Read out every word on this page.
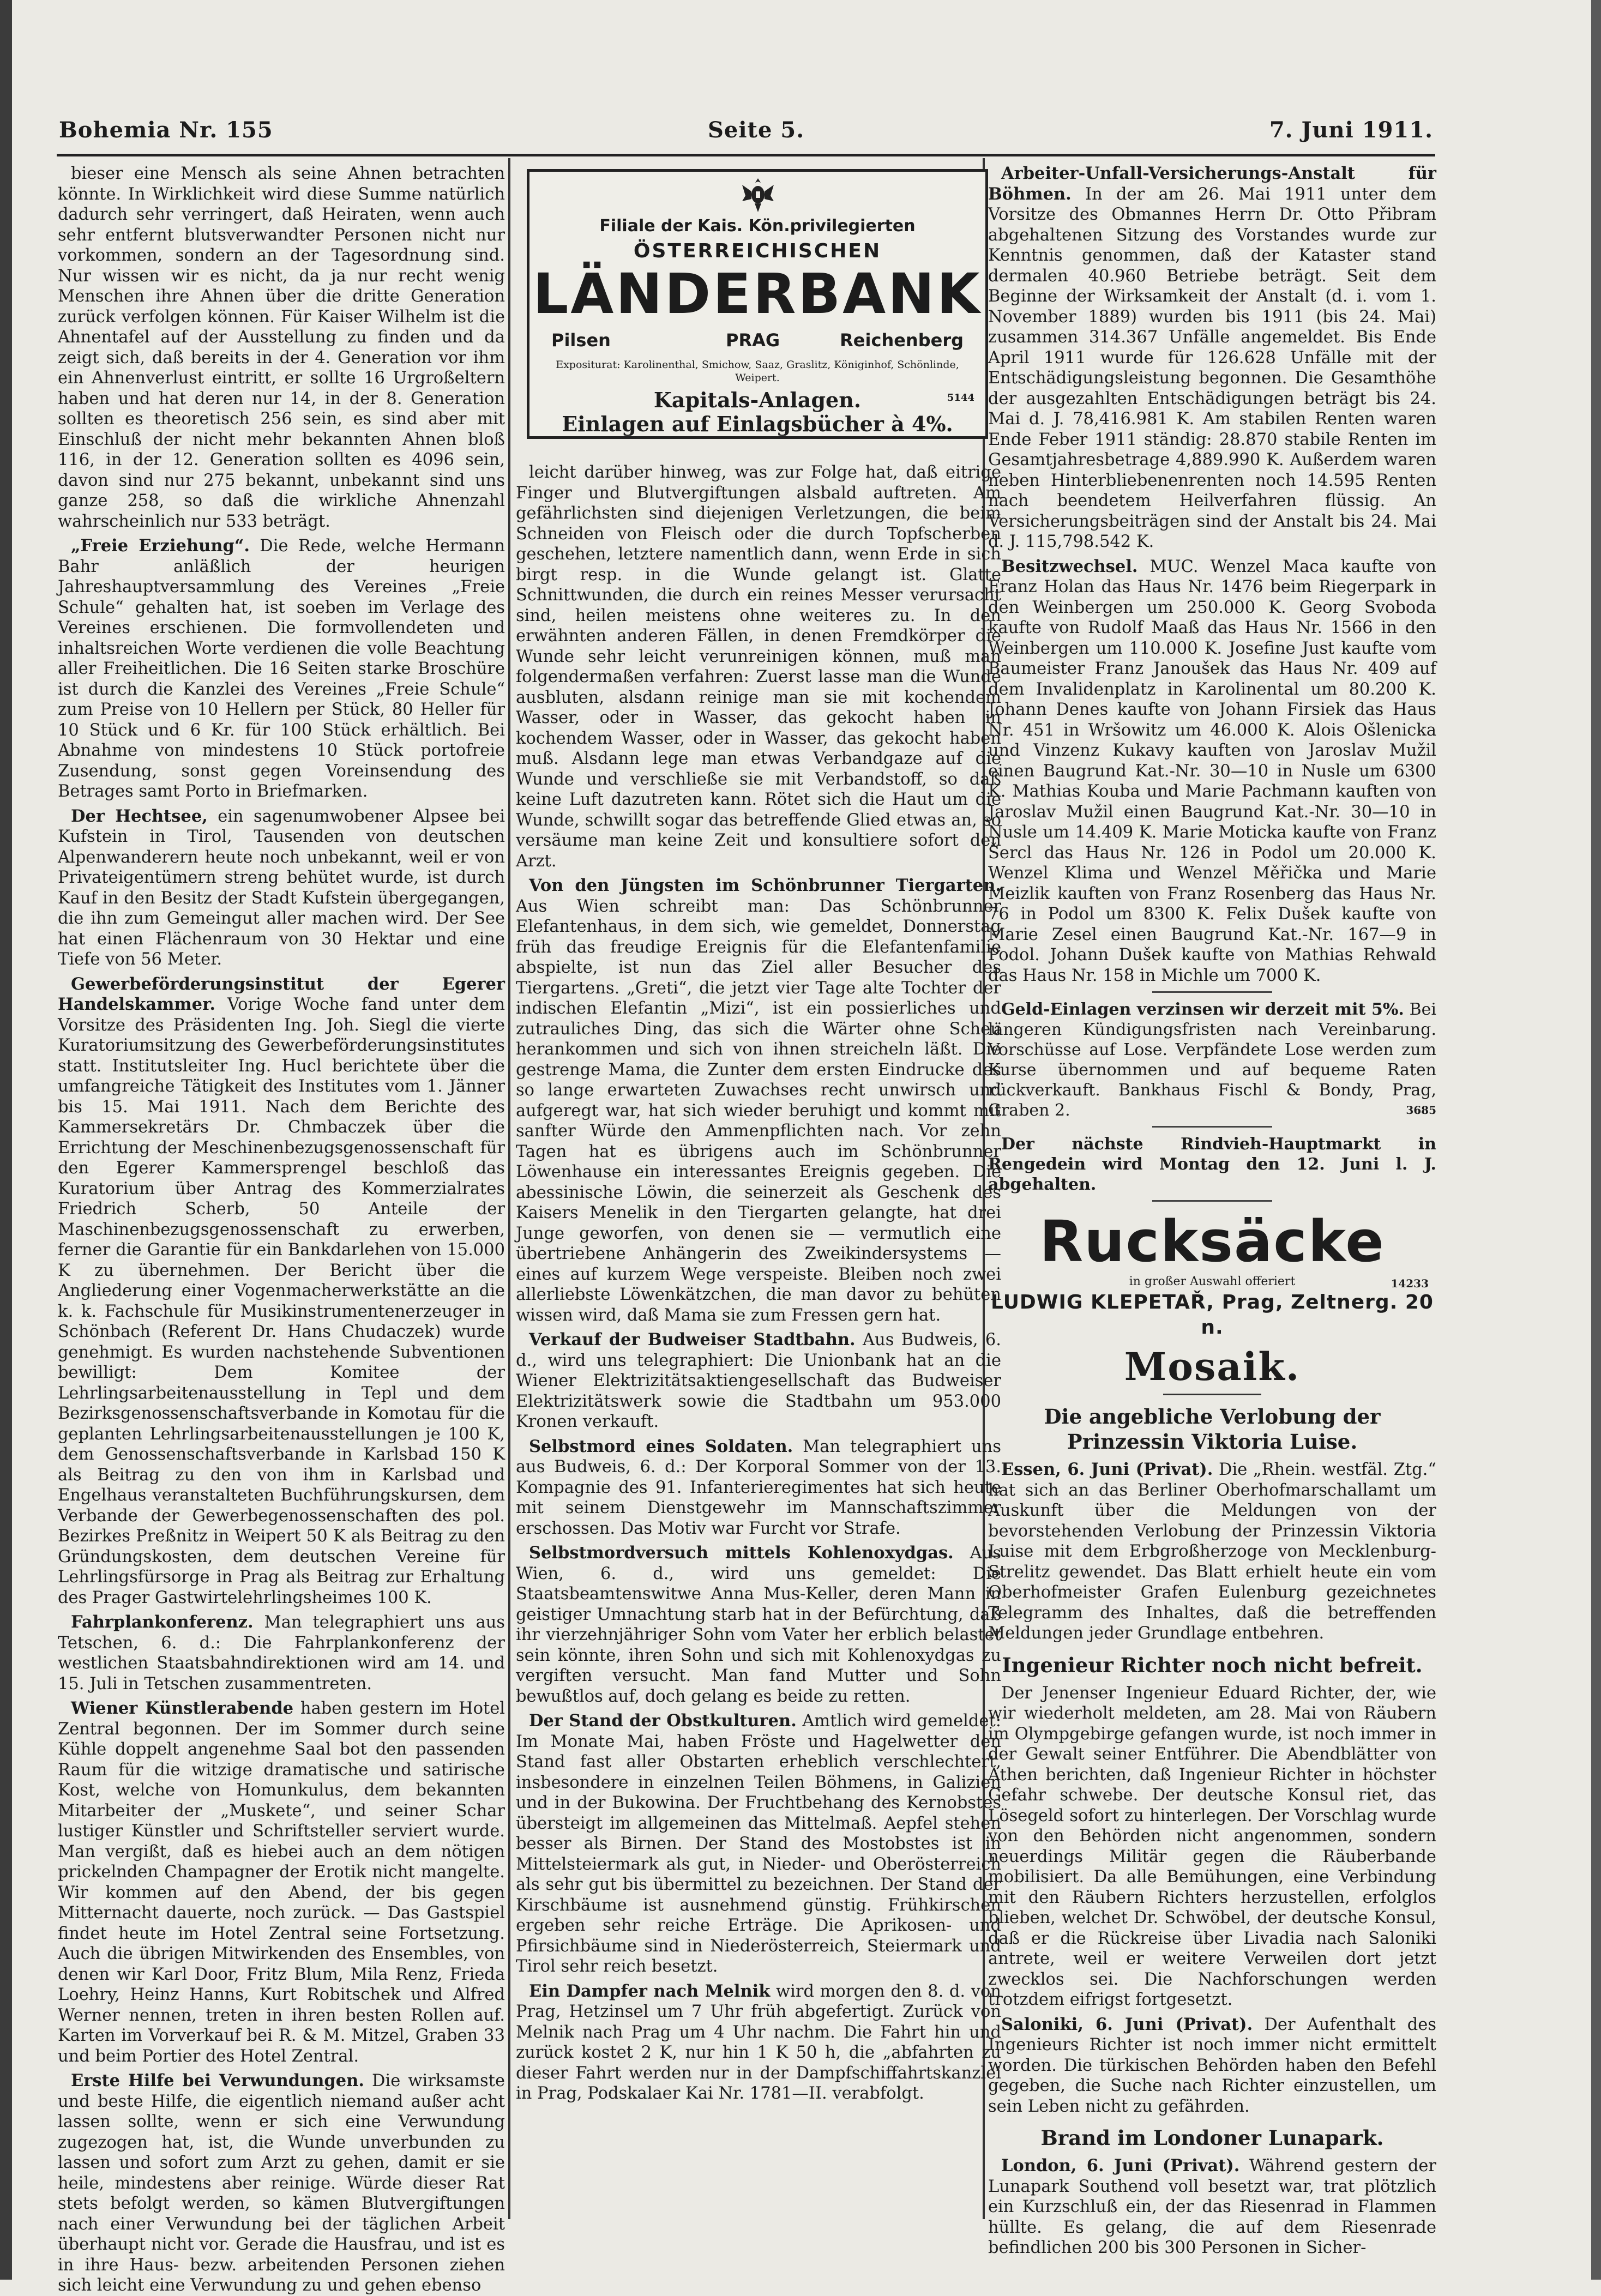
Bohemia Nr. 155	Seite 5.	7. Juni 1911.

bieser eine Mensch als seine Ahnen betrachten könnte. In Wirklichkeit wird diese Summe natürlich dadurch sehr verringert, daß Heiraten, wenn auch sehr entfernt blutsverwandter Personen nicht nur vorkommen, sondern an der Tagesordnung sind. Nur wissen wir es nicht, da ja nur recht wenig Menschen ihre Ahnen über die dritte Generation zurück verfolgen können. Für Kaiser Wilhelm ist die Ahnentafel auf der Ausstellung zu finden und da zeigt sich, daß bereits in der 4. Generation vor ihm ein Ahnenverlust eintritt, er sollte 16 Urgroßeltern haben und hat deren nur 14, in der 8. Generation sollten es theoretisch 256 sein, es sind aber mit Einschluß der nicht mehr bekannten Ahnen bloß 116, in der 12. Generation sollten es 4096 sein, davon sind nur 275 bekannt, unbekannt sind uns ganze 258, so daß die wirkliche Ahnenzahl wahrscheinlich nur 533 beträgt.

„Freie Erziehung“. Die Rede, welche Hermann Bahr anläßlich der heurigen Jahreshauptversammlung des Vereines „Freie Schule“ gehalten hat, ist soeben im Verlage des Vereines erschienen. Die formvollendeten und inhaltsreichen Worte verdienen die volle Beachtung aller Freiheitlichen. Die 16 Seiten starke Broschüre ist durch die Kanzlei des Vereines „Freie Schule“ zum Preise von 10 Hellern per Stück, 80 Heller für 10 Stück und 6 Kr. für 100 Stück erhältlich. Bei Abnahme von mindestens 10 Stück portofreie Zusendung, sonst gegen Voreinsendung des Betrages samt Porto in Briefmarken.

Der Hechtsee, ein sagenumwobener Alpsee bei Kufstein in Tirol, Tausenden von deutschen Alpenwanderern heute noch unbekannt, weil er von Privateigentümern streng behütet wurde, ist durch Kauf in den Besitz der Stadt Kufstein übergegangen, die ihn zum Gemeingut aller machen wird. Der See hat einen Flächenraum von 30 Hektar und eine Tiefe von 56 Meter.

Gewerbeförderungsinstitut der Egerer Handelskammer. Vorige Woche fand unter dem Vorsitze des Präsidenten Ing. Joh. Siegl die vierte Kuratoriumsitzung des Gewerbeförderungsinstitutes statt. Institutsleiter Ing. Hucl berichtete über die umfangreiche Tätigkeit des Institutes vom 1. Jänner bis 15. Mai 1911. Nach dem Berichte des Kammersekretärs Dr. Chmbaczek über die Errichtung der Meschinenbezugsgenossenschaft für den Egerer Kammersprengel beschloß das Kuratorium über Antrag des Kommerzialrates Friedrich Scherb, 50 Anteile der Maschinenbezugsgenossenschaft zu erwerben, ferner die Garantie für ein Bankdarlehen von 15.000 K zu übernehmen. Der Bericht über die Angliederung einer Vogenmacherwerkstätte an die k. k. Fachschule für Musikinstrumentenerzeuger in Schönbach (Referent Dr. Hans Chudaczek) wurde genehmigt. Es wurden nachstehende Subventionen bewilligt: Dem Komitee der Lehrlingsarbeitenausstellung in Tepl und dem Bezirksgenossenschaftsverbande in Komotau für die geplanten Lehrlingsarbeitenausstellungen je 100 K, dem Genossenschaftsverbande in Karlsbad 150 K als Beitrag zu den von ihm in Karlsbad und Engelhaus veranstalteten Buchführungskursen, dem Verbande der Gewerbegenossenschaften des pol. Bezirkes Preßnitz in Weipert 50 K als Beitrag zu den Gründungskosten, dem deutschen Vereine für Lehrlingsfürsorge in Prag als Beitrag zur Erhaltung des Prager Gastwirtelehrlingsheimes 100 K.

Fahrplankonferenz. Man telegraphiert uns aus Tetschen, 6. d.: Die Fahrplankonferenz der westlichen Staatsbahndirektionen wird am 14. und 15. Juli in Tetschen zusammentreten.

Wiener Künstlerabende haben gestern im Hotel Zentral begonnen. Der im Sommer durch seine Kühle doppelt angenehme Saal bot den passenden Raum für die witzige dramatische und satirische Kost, welche von Homunkulus, dem bekannten Mitarbeiter der „Muskete“, und seiner Schar lustiger Künstler und Schriftsteller serviert wurde. Man vergißt, daß es hiebei auch an dem nötigen prickelnden Champagner der Erotik nicht mangelte. Wir kommen auf den Abend, der bis gegen Mitternacht dauerte, noch zurück. — Das Gastspiel findet heute im Hotel Zentral seine Fortsetzung. Auch die übrigen Mitwirkenden des Ensembles, von denen wir Karl Door, Fritz Blum, Mila Renz, Frieda Loehry, Heinz Hanns, Kurt Robitschek und Alfred Werner nennen, treten in ihren besten Rollen auf. Karten im Vorverkauf bei R. & M. Mitzel, Graben 33 und beim Portier des Hotel Zentral.

Erste Hilfe bei Verwundungen. Die wirksamste und beste Hilfe, die eigentlich niemand außer acht lassen sollte, wenn er sich eine Verwundung zugezogen hat, ist, die Wunde unverbunden zu lassen und sofort zum Arzt zu gehen, damit er sie heile, mindestens aber reinige. Würde dieser Rat stets befolgt werden, so kämen Blutvergiftungen nach einer Verwundung bei der täglichen Arbeit überhaupt nicht vor. Gerade die Hausfrau, und ist es in ihre Haus- bezw. arbeitenden Personen ziehen sich leicht eine Verwundung zu und gehen ebenso

Filiale der Kais. Kön.privilegierten
ÖSTERREICHISCHEN
LÄNDERBANK
Pilsen	PRAG	Reichenberg
Expositurat: Karolinenthal, Smichow, Saaz, Graslitz, Königinhof, Schönlinde, Weipert.
Kapitals-Anlagen.	5144
Einlagen auf Einlagsbücher à 4%.

leicht darüber hinweg, was zur Folge hat, daß eitrige Finger und Blutvergiftungen alsbald auftreten. Am gefährlichsten sind diejenigen Verletzungen, die beim Schneiden von Fleisch oder die durch Topfscherben geschehen, letztere namentlich dann, wenn Erde in sich birgt resp. in die Wunde gelangt ist. Glatte Schnittwunden, die durch ein reines Messer verursacht sind, heilen meistens ohne weiteres zu. In den erwähnten anderen Fällen, in denen Fremdkörper die Wunde sehr leicht verunreinigen können, muß man folgendermaßen verfahren: Zuerst lasse man die Wunde ausbluten, alsdann reinige man sie mit kochendem Wasser, oder in Wasser, das gekocht haben in kochendem Wasser, oder in Wasser, das gekocht haben muß. Alsdann lege man etwas Verbandgaze auf die Wunde und verschließe sie mit Verbandstoff, so daß keine Luft dazutreten kann. Rötet sich die Haut um die Wunde, schwillt sogar das betreffende Glied etwas an, so versäume man keine Zeit und konsultiere sofort den Arzt.

Von den Jüngsten im Schönbrunner Tiergarten. Aus Wien schreibt man: Das Schönbrunner Elefantenhaus, in dem sich, wie gemeldet, Donnerstag früh das freudige Ereignis für die Elefantenfamilie abspielte, ist nun das Ziel aller Besucher des Tiergartens. „Greti“, die jetzt vier Tage alte Tochter der indischen Elefantin „Mizi“, ist ein possierliches und zutrauliches Ding, das sich die Wärter ohne Scheu herankommen und sich von ihnen streicheln läßt. Die gestrenge Mama, die Zunter dem ersten Eindrucke des so lange erwarteten Zuwachses recht unwirsch und aufgeregt war, hat sich wieder beruhigt und kommt mit sanfter Würde den Ammenpflichten nach. Vor zehn Tagen hat es übrigens auch im Schönbrunner Löwenhause ein interessantes Ereignis gegeben. Die abessinische Löwin, die seinerzeit als Geschenk des Kaisers Menelik in den Tiergarten gelangte, hat drei Junge geworfen, von denen sie — vermutlich eine übertriebene Anhängerin des Zweikindersystems — eines auf kurzem Wege verspeiste. Bleiben noch zwei allerliebste Löwenkätzchen, die man davor zu behüten wissen wird, daß Mama sie zum Fressen gern hat.

Verkauf der Budweiser Stadtbahn. Aus Budweis, 6. d., wird uns telegraphiert: Die Unionbank hat an die Wiener Elektrizitätsaktiengesellschaft das Budweiser Elektrizitätswerk sowie die Stadtbahn um 953.000 Kronen verkauft.

Selbstmord eines Soldaten. Man telegraphiert uns aus Budweis, 6. d.: Der Korporal Sommer von der 13. Kompagnie des 91. Infanterieregimentes hat sich heute mit seinem Dienstgewehr im Mannschaftszimmer erschossen. Das Motiv war Furcht vor Strafe.

Selbstmordversuch mittels Kohlenoxydgas. Aus Wien, 6. d., wird uns gemeldet: Die Staatsbeamtenswitwe Anna Mus-Keller, deren Mann in geistiger Umnachtung starb hat in der Befürchtung, daß ihr vierzehnjähriger Sohn vom Vater her erblich belastet sein könnte, ihren Sohn und sich mit Kohlenoxydgas zu vergiften versucht. Man fand Mutter und Sohn bewußtlos auf, doch gelang es beide zu retten.

Der Stand der Obstkulturen. Amtlich wird gemeldet: Im Monate Mai, haben Fröste und Hagelwetter den Stand fast aller Obstarten erheblich verschlechtert, insbesondere in einzelnen Teilen Böhmens, in Galizien und in der Bukowina. Der Fruchtbehang des Kernobstes übersteigt im allgemeinen das Mittelmaß. Aepfel stehen besser als Birnen. Der Stand des Mostobstes ist in Mittelsteiermark als gut, in Nieder- und Oberösterreich als sehr gut bis übermittel zu bezeichnen. Der Stand der Kirschbäume ist ausnehmend günstig. Frühkirschen ergeben sehr reiche Erträge. Die Aprikosen- und Pfirsichbäume sind in Niederösterreich, Steiermark und Tirol sehr reich besetzt.

Ein Dampfer nach Melnik wird morgen den 8. d. von Prag, Hetzinsel um 7 Uhr früh abgefertigt. Zurück von Melnik nach Prag um 4 Uhr nachm. Die Fahrt hin und zurück kostet 2 K, nur hin 1 K 50 h, die „abfahrten zu dieser Fahrt werden nur in der Dampfschiffahrtskanzlei in Prag, Podskalaer Kai Nr. 1781—II. verabfolgt.

Arbeiter-Unfall-Versicherungs-Anstalt für Böhmen. In der am 26. Mai 1911 unter dem Vorsitze des Obmannes Herrn Dr. Otto Přibram abgehaltenen Sitzung des Vorstandes wurde zur Kenntnis genommen, daß der Kataster stand dermalen 40.960 Betriebe beträgt. Seit dem Beginne der Wirksamkeit der Anstalt (d. i. vom 1. November 1889) wurden bis 1911 (bis 24. Mai) zusammen 314.367 Unfälle angemeldet. Bis Ende April 1911 wurde für 126.628 Unfälle mit der Entschädigungsleistung begonnen. Die Gesamthöhe der ausgezahlten Entschädigungen beträgt bis 24. Mai d. J. 78,416.981 K. Am stabilen Renten waren Ende Feber 1911 ständig: 28.870 stabile Renten im Gesamtjahresbetrage 4,889.990 K. Außerdem waren neben Hinterbliebenenrenten noch 14.595 Renten nach beendetem Heilverfahren flüssig. An Versicherungsbeiträgen sind der Anstalt bis 24. Mai d. J. 115,798.542 K.

Besitzwechsel. MUC. Wenzel Maca kaufte von Franz Holan das Haus Nr. 1476 beim Riegerpark in den Weinbergen um 250.000 K. Georg Svoboda kaufte von Rudolf Maaß das Haus Nr. 1566 in den Weinbergen um 110.000 K. Josefine Just kaufte vom Baumeister Franz Janoušek das Haus Nr. 409 auf dem Invalidenplatz in Karolinental um 80.200 K. Johann Denes kaufte von Johann Firsiek das Haus Nr. 451 in Wršowitz um 46.000 K. Alois Ošlenicka und Vinzenz Kukavy kauften von Jaroslav Mužil einen Baugrund Kat.-Nr. 30—10 in Nusle um 6300 K. Mathias Kouba und Marie Pachmann kauften von Jaroslav Mužil einen Baugrund Kat.-Nr. 30—10 in Nusle um 14.409 K. Marie Moticka kaufte von Franz Šercl das Haus Nr. 126 in Podol um 20.000 K. Wenzel Klima und Wenzel Měřička und Marie Meizlik kauften von Franz Rosenberg das Haus Nr. 76 in Podol um 8300 K. Felix Dušek kaufte von Marie Zesel einen Baugrund Kat.-Nr. 167—9 in Podol. Johann Dušek kaufte von Mathias Rehwald das Haus Nr. 158 in Michle um 7000 K.

Geld-Einlagen verzinsen wir derzeit mit 5%. Bei längeren Kündigungsfristen nach Vereinbarung. Vorschüsse auf Lose. Verpfändete Lose werden zum Kurse übernommen und auf bequeme Raten rückverkauft. Bankhaus Fischl & Bondy, Prag, Graben 2.	3685
Der nächste Rindvieh-Hauptmarkt in Rengedein wird Montag den 12. Juni l. J. abgehalten.
Rucksäcke
in großer Auswahl offeriert	14233
LUDWIG KLEPETAŘ, Prag, Zeltnerg. 20 n.
Mosaik.
Die angebliche Verlobung der Prinzessin Viktoria Luise.

Essen, 6. Juni (Privat). Die „Rhein. westfäl. Ztg.“ hat sich an das Berliner Oberhofmarschallamt um Auskunft über die Meldungen von der bevorstehenden Verlobung der Prinzessin Viktoria Luise mit dem Erbgroßherzoge von Mecklenburg-Strelitz gewendet. Das Blatt erhielt heute ein vom Oberhofmeister Grafen Eulenburg gezeichnetes Telegramm des Inhaltes, daß die betreffenden Meldungen jeder Grundlage entbehren.

Ingenieur Richter noch nicht befreit.

Der Jenenser Ingenieur Eduard Richter, der, wie wir wiederholt meldeten, am 28. Mai von Räubern im Olympgebirge gefangen wurde, ist noch immer in der Gewalt seiner Entführer. Die Abendblätter von Athen berichten, daß Ingenieur Richter in höchster Gefahr schwebe. Der deutsche Konsul riet, das Lösegeld sofort zu hinterlegen. Der Vorschlag wurde von den Behörden nicht angenommen, sondern neuerdings Militär gegen die Räuberbande mobilisiert. Da alle Bemühungen, eine Verbindung mit den Räubern Richters herzustellen, erfolglos blieben, welchet Dr. Schwöbel, der deutsche Konsul, daß er die Rückreise über Livadia nach Saloniki antrete, weil er weitere Verweilen dort jetzt zwecklos sei. Die Nachforschungen werden trotzdem eifrigst fortgesetzt.

Saloniki, 6. Juni (Privat). Der Aufenthalt des Ingenieurs Richter ist noch immer nicht ermittelt worden. Die türkischen Behörden haben den Befehl gegeben, die Suche nach Richter einzustellen, um sein Leben nicht zu gefährden.

Brand im Londoner Lunapark.

London, 6. Juni (Privat). Während gestern der Lunapark Southend voll besetzt war, trat plötzlich ein Kurzschluß ein, der das Riesenrad in Flammen hüllte. Es gelang, die auf dem Riesenrade befindlichen 200 bis 300 Personen in Sicher-
